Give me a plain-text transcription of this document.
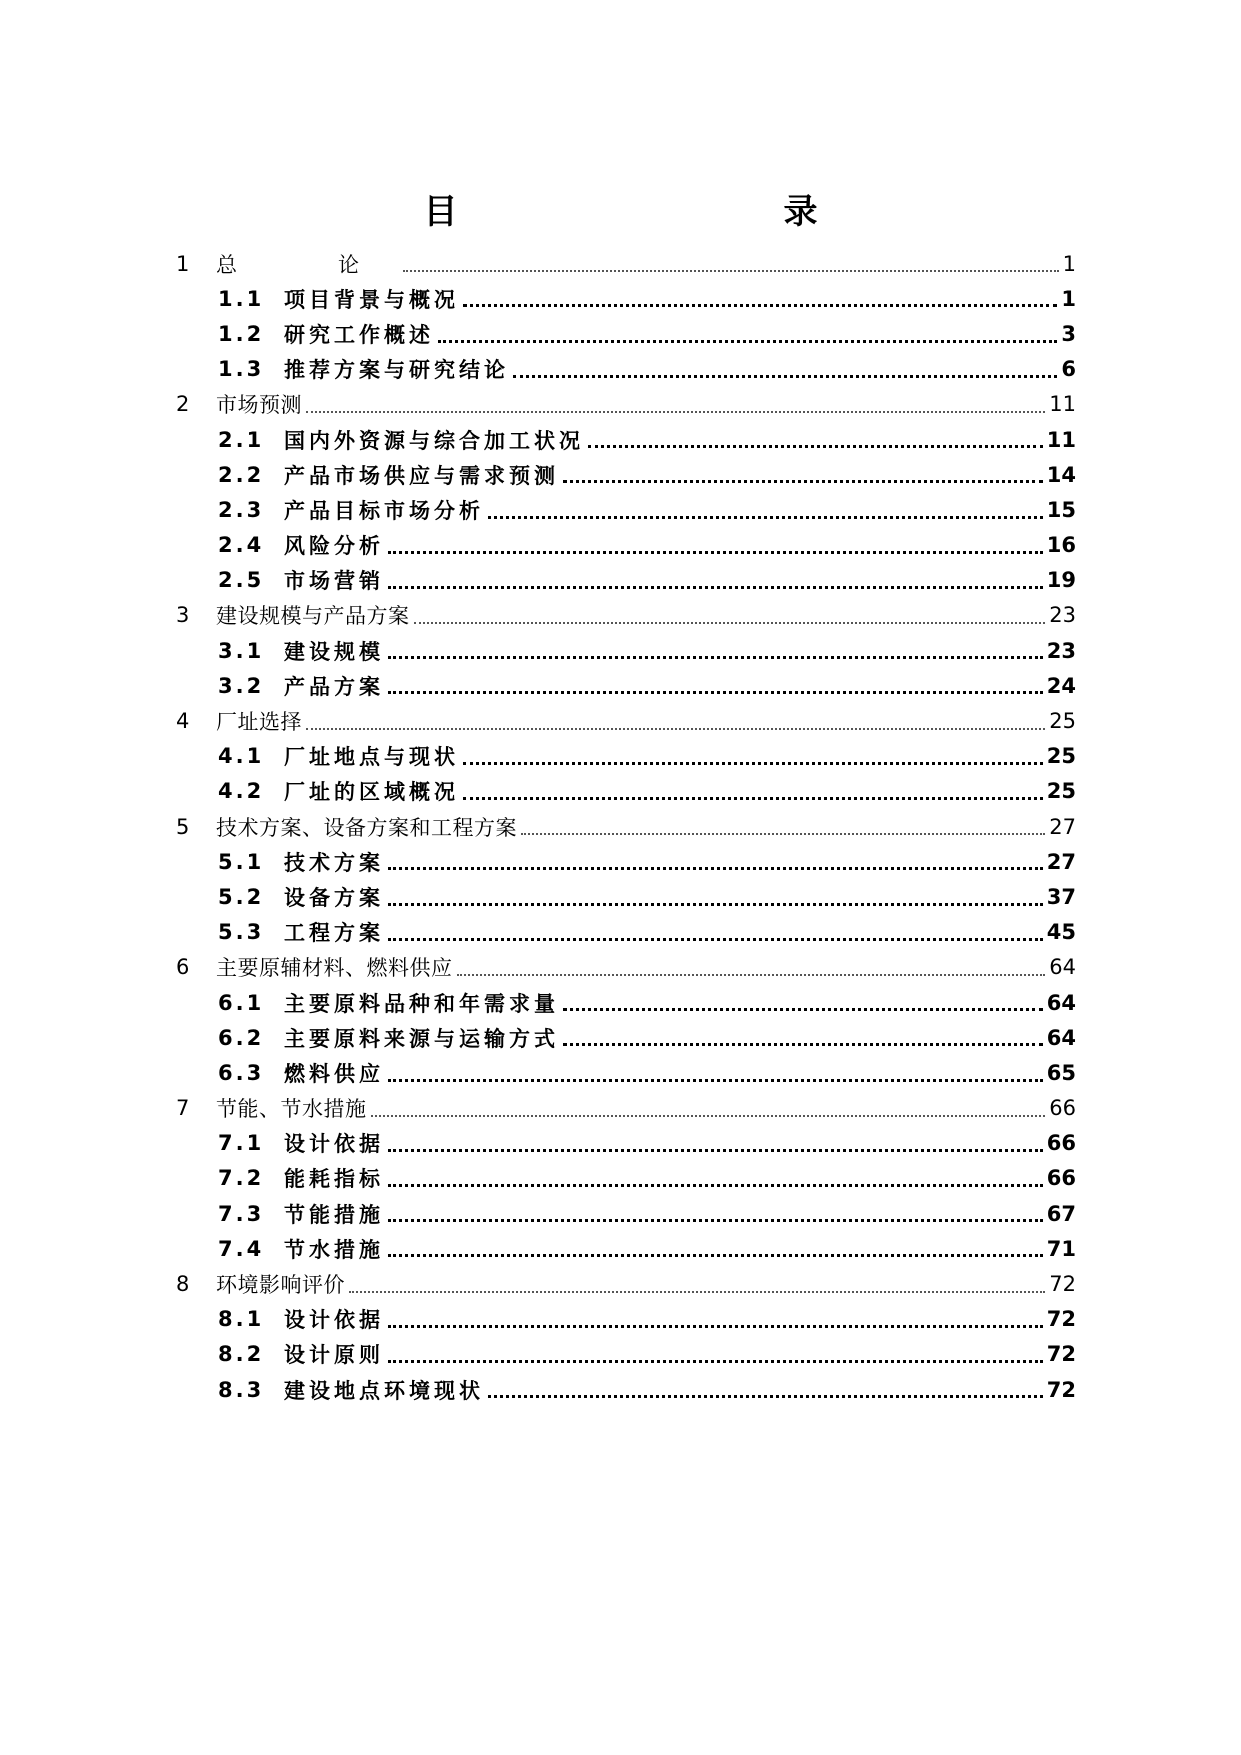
目　　录
1	总　论	1
1.1 项目背景与概况	1
1.2 研究工作概述	3
1.3 推荐方案与研究结论	6
2	市场预测	11
2.1 国内外资源与综合加工状况	11
2.2 产品市场供应与需求预测	14
2.3 产品目标市场分析	15
2.4 风险分析	16
2.5 市场营销	19
3	建设规模与产品方案	23
3.1 建设规模	23
3.2 产品方案	24
4	厂址选择	25
4.1 厂址地点与现状	25
4.2 厂址的区域概况	25
5	技术方案、设备方案和工程方案	27
5.1 技术方案	27
5.2 设备方案	37
5.3 工程方案	45
6	主要原辅材料、燃料供应	64
6.1 主要原料品种和年需求量	64
6.2 主要原料来源与运输方式	64
6.3 燃料供应	65
7	节能、节水措施	66
7.1 设计依据	66
7.2 能耗指标	66
7.3 节能措施	67
7.4 节水措施	71
8	环境影响评价	72
8.1 设计依据	72
8.2 设计原则	72
8.3 建设地点环境现状	72
